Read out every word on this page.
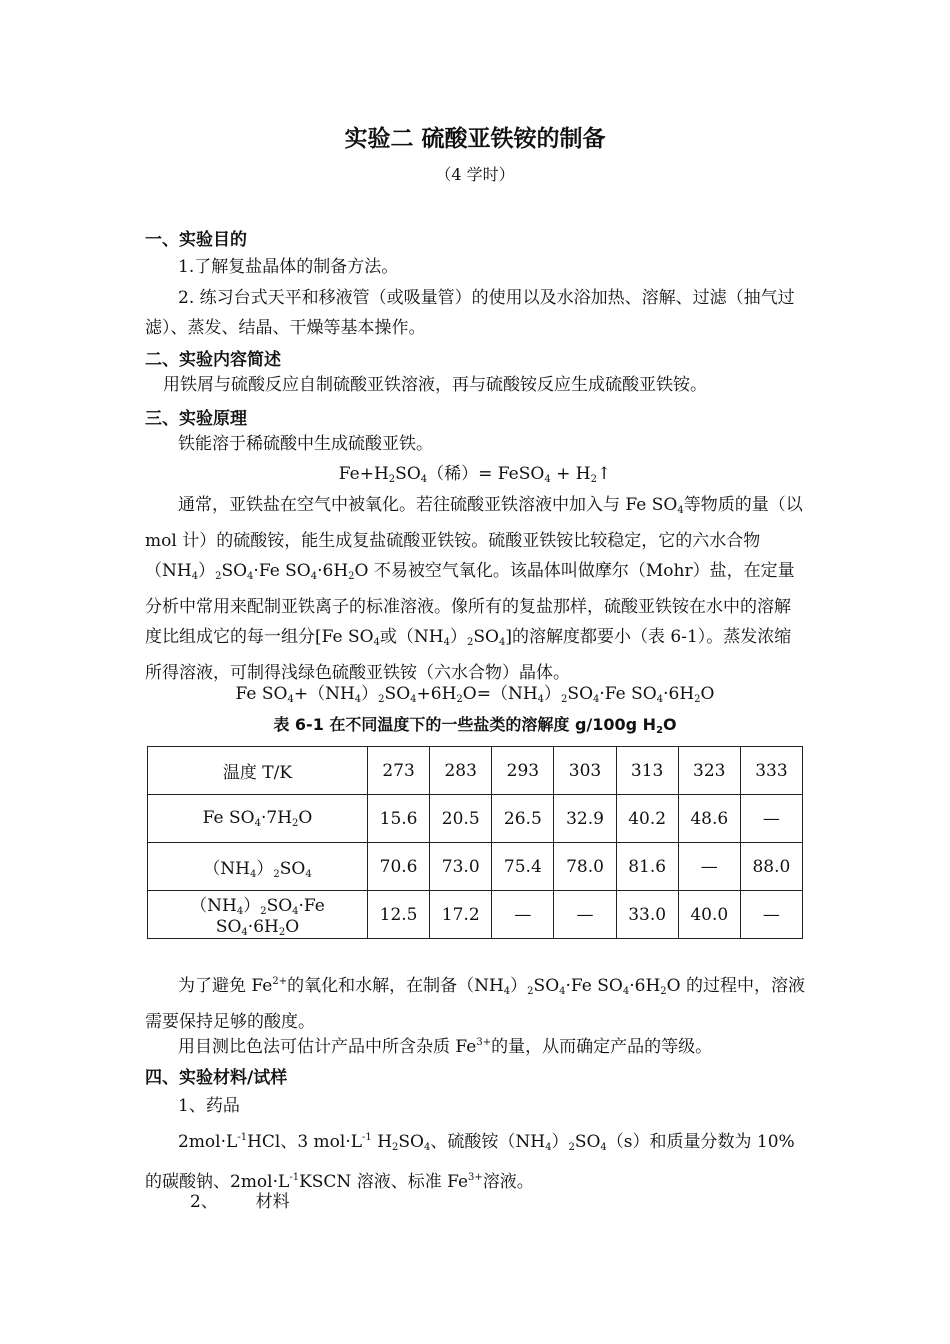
实验二 硫酸亚铁铵的制备
（4 学时）
一、实验目的
1.了解复盐晶体的制备方法。
2. 练习台式天平和移液管（或吸量管）的使用以及水浴加热、溶解、过滤（抽气过滤）、蒸发、结晶、干燥等基本操作。
二、实验内容简述
用铁屑与硫酸反应自制硫酸亚铁溶液，再与硫酸铵反应生成硫酸亚铁铵。
三、实验原理
铁能溶于稀硫酸中生成硫酸亚铁。
$Fe+H_2SO_4$（稀）= FeSO$_4$ + $H_2↑$
通常，亚铁盐在空气中被氧化。若往硫酸亚铁溶液中加入与 Fe $SO_4$等物质的量（以 mol 计）的硫酸铵，能生成复盐硫酸亚铁铵。硫酸亚铁铵比较稳定，它的六水合物$(NH_4)_2SO_4\cdot Fe$ $SO_4\cdot 6H_2O$ 不易被空气氧化。该晶体叫做摩尔（Mohr）盐，在定量分析中常用来配制亚铁离子的标准溶液。像所有的复盐那样，硫酸亚铁铵在水中的溶解度比组成它的每一组分[Fe $SO_4$或$(NH_4)_2SO_4$]的溶解度都要小（表 6-1）。蒸发浓缩所得溶液，可制得浅绿色硫酸亚铁铵（六水合物）晶体。
Fe $SO_4+(NH_4)_2SO_4+6H_2O=(NH_4)_2SO_4\cdot Fe$ $SO_4\cdot 6H_2O$
表 6-1 在不同温度下的一些盐类的溶解度 g/100g $H_2O$
温度 T/K	273	283	293	303	313	323	333
Fe $SO_4\cdot 7H_2O$	15.6	20.5	26.5	32.9	40.2	48.6	—
$(NH_4)_2SO_4$	70.6	73.0	75.4	78.0	81.6	—	88.0
$(NH_4)_2SO_4\cdot Fe$ $SO_4\cdot 6H_2O$	12.5	17.2	—	—	33.0	40.0	—
为了避免 $Fe^{2+}$的氧化和水解，在制备$(NH_4)_2SO_4\cdot Fe$ $SO_4\cdot 6H_2O$ 的过程中，溶液需要保持足够的酸度。
用目测比色法可估计产品中所含杂质 $Fe^{3+}$的量，从而确定产品的等级。
四、实验材料/试样
1、药品
$2mol\cdot L^{-1}HCl$、3 $mol\cdot L^{-1}$ $H_2SO_4$、硫酸铵$(NH_4)_2SO_4(s)$和质量分数为 10%的碳酸钠、$2mol\cdot L^{-1}KSCN$ 溶液、标准 $Fe^{3+}$溶液。
2、       材料
